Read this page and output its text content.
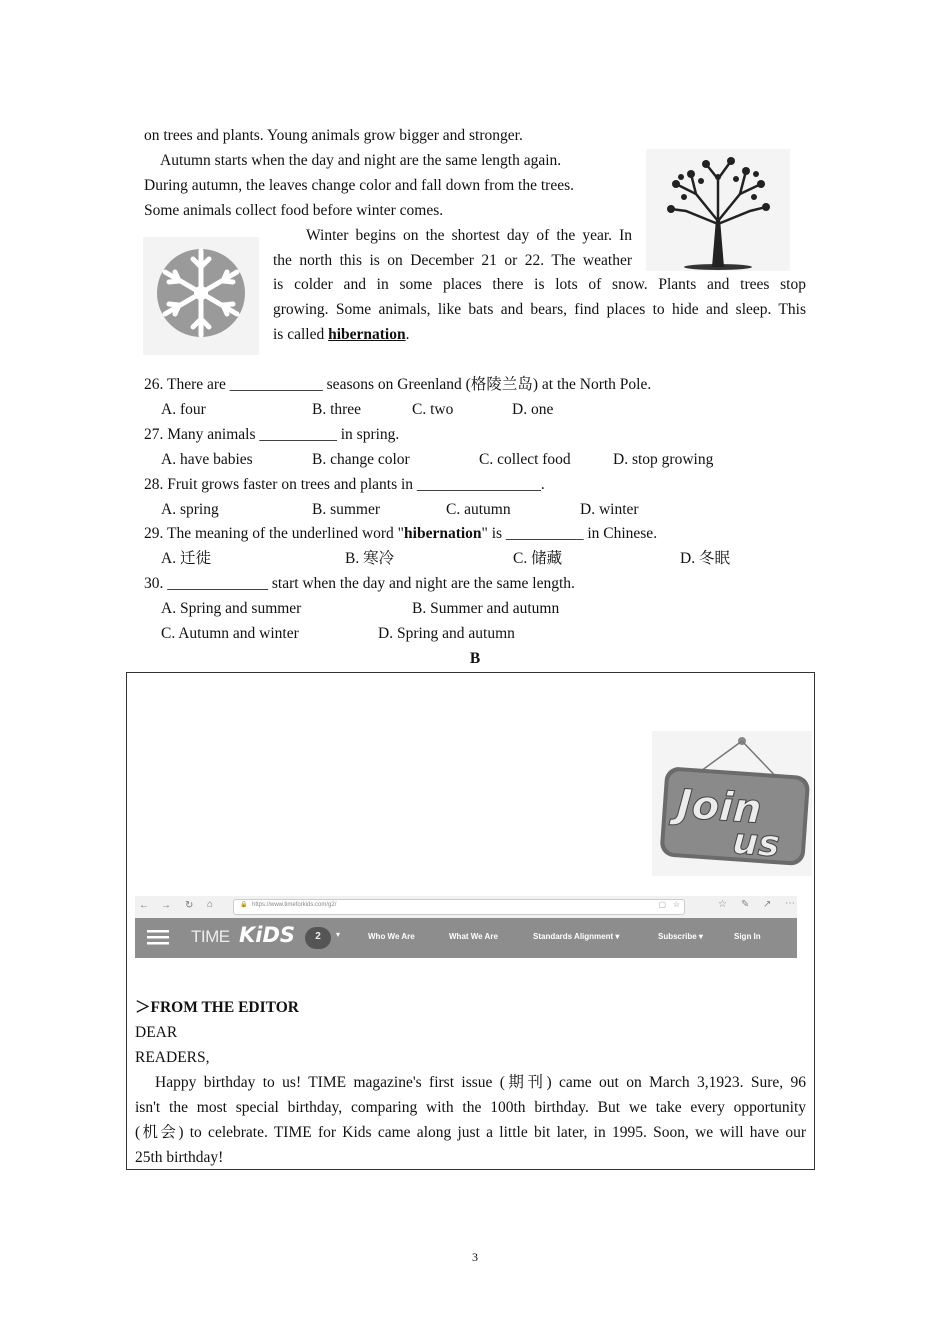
on trees and plants. Young animals grow bigger and stronger.
Autumn starts when the day and night are the same length again.
During autumn, the leaves change color and fall down from the trees.
Some animals collect food before winter comes.
Winter begins on the shortest day of the year. In
the north this is on December 21 or 22. The weather
is colder and in some places there is lots of snow. Plants and trees stop
growing. Some animals, like bats and bears, find places to hide and sleep. This
is called hibernation.
26. There are ____________ seasons on Greenland (格陵兰岛) at the North Pole.
A. four	B. three	C. two	D. one
27. Many animals __________ in spring.
A. have babies	B. change color	C. collect food	D. stop growing
28. Fruit grows faster on trees and plants in ________________.
A. spring	B. summer	C. autumn	D. winter
29. The meaning of the underlined word "hibernation" is __________ in Chinese.
A. 迁徙	B. 寒冷	C. 储藏	D. 冬眠
30. _____________ start when the day and night are the same length.
A. Spring and summer	B. Summer and autumn
C. Autumn and winter	D. Spring and autumn
B
Join
us
← → ↻ ⌂	🔒 https://www.timeforkids.com/g2/	▢ ☆	☆ ✎ ↗ ⋯
TIME KiDS	2	▾	Who We Are	What We Are	Standards Alignment ▾	Subscribe ▾	Sign In
＞FROM THE EDITOR
DEAR
READERS,
Happy birthday to us! TIME magazine's first issue (期刊) came out on March 3,1923. Sure, 96
isn't the most special birthday, comparing with the 100th birthday. But we take every opportunity
(机会) to celebrate. TIME for Kids came along just a little bit later, in 1995. Soon, we will have our
25th birthday!
3
